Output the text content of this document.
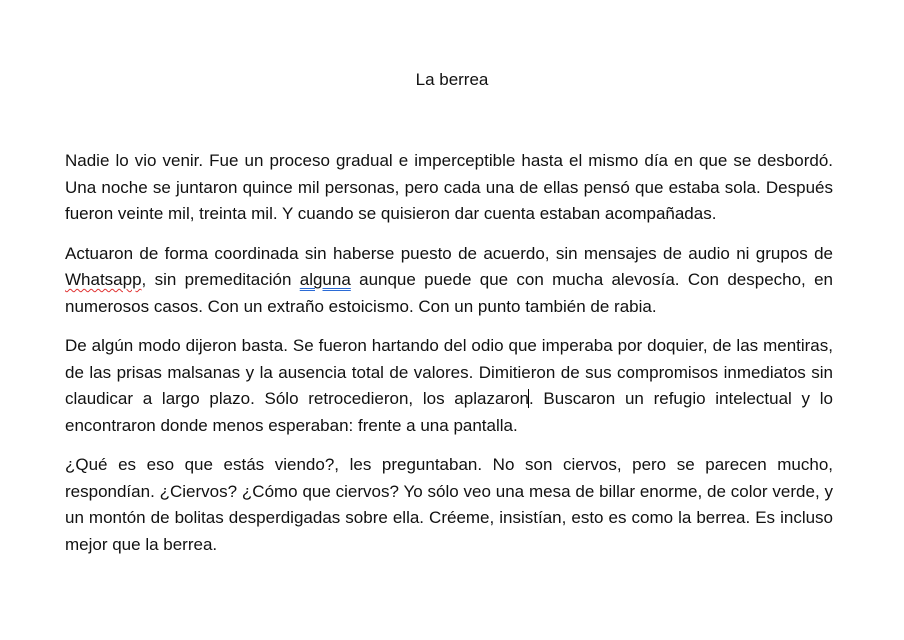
La berrea

Nadie lo vio venir. Fue un proceso gradual e imperceptible hasta el mismo día en que se desbordó. Una noche se juntaron quince mil personas, pero cada una de ellas pensó que estaba sola. Después fueron veinte mil, treinta mil. Y cuando se quisieron dar cuenta estaban acompañadas.

Actuaron de forma coordinada sin haberse puesto de acuerdo, sin mensajes de audio ni grupos de Whatsapp, sin premeditación alguna aunque puede que con mucha alevosía. Con despecho, en numerosos casos. Con un extraño estoicismo. Con un punto también de rabia.

De algún modo dijeron basta. Se fueron hartando del odio que imperaba por doquier, de las mentiras, de las prisas malsanas y la ausencia total de valores. Dimitieron de sus compromisos inmediatos sin claudicar a largo plazo. Sólo retrocedieron, los aplazaron. Buscaron un refugio intelectual y lo encontraron donde menos esperaban: frente a una pantalla.

¿Qué es eso que estás viendo?, les preguntaban. No son ciervos, pero se parecen mucho, respondían. ¿Ciervos? ¿Cómo que ciervos? Yo sólo veo una mesa de billar enorme, de color verde, y un montón de bolitas desperdigadas sobre ella. Créeme, insistían, esto es como la berrea. Es incluso mejor que la berrea.
